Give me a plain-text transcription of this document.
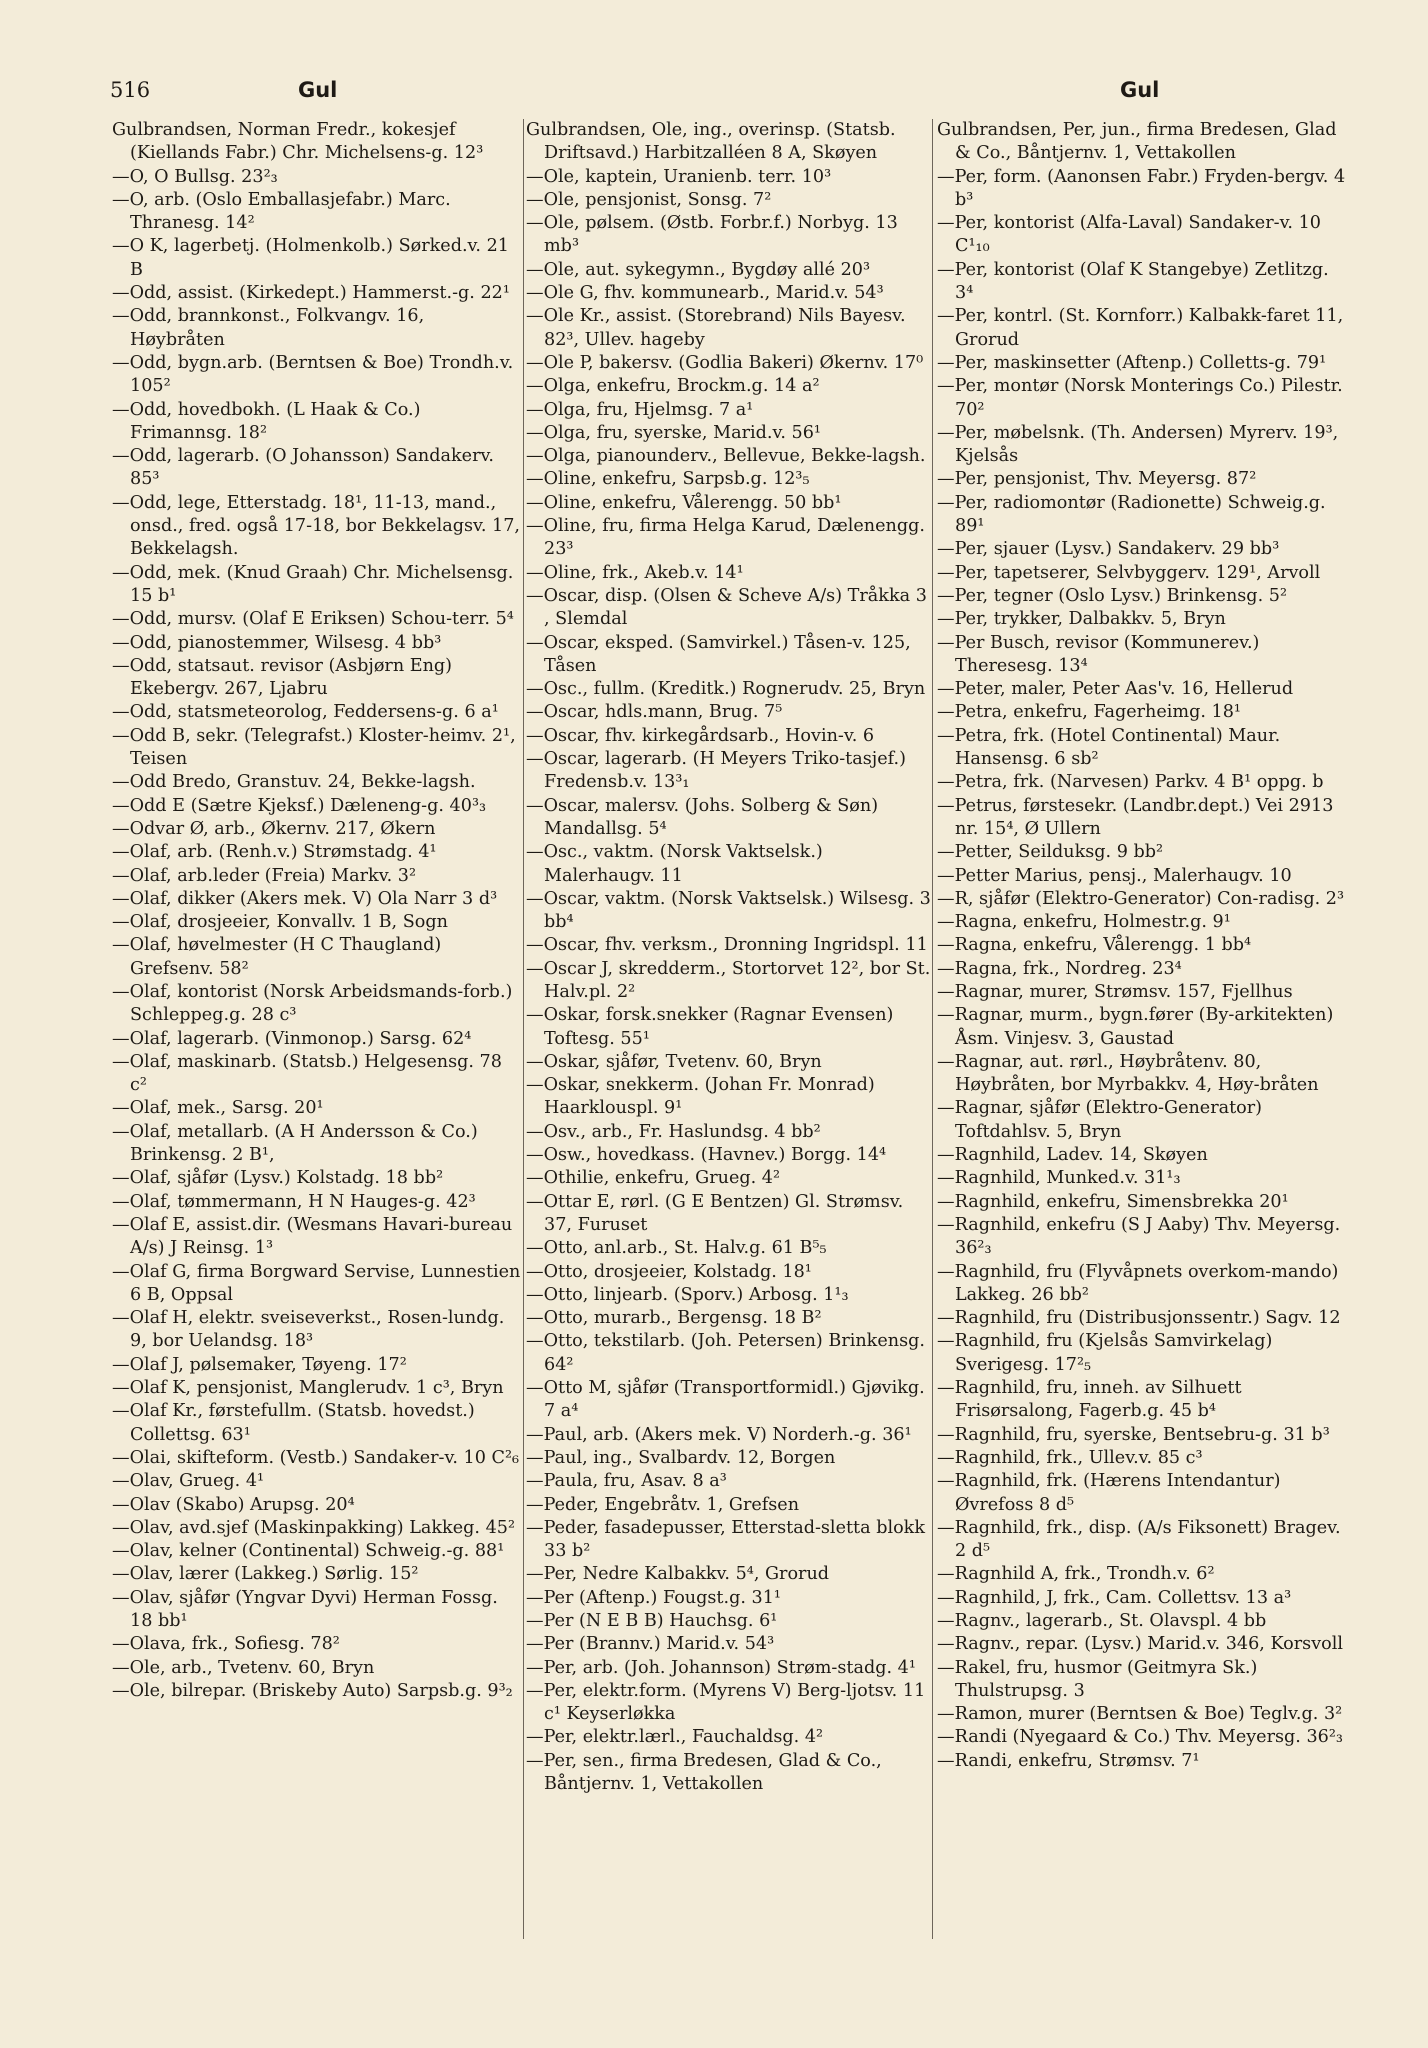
516	Gul	Gul

Gulbrandsen, Norman Fredr., kokesjef (Kiellands Fabr.) Chr. Michelsens-g. 12³

—O, O Bullsg. 23²₃

—O, arb. (Oslo Emballasjefabr.) Marc. Thranesg. 14²

—O K, lagerbetj. (Holmenkolb.) Sørked.v. 21 B

—Odd, assist. (Kirkedept.) Hammerst.-g. 22¹

—Odd, brannkonst., Folkvangv. 16, Høybråten

—Odd, bygn.arb. (Berntsen & Boe) Trondh.v. 105²

—Odd, hovedbokh. (L Haak & Co.) Frimannsg. 18²

—Odd, lagerarb. (O Johansson) Sandakerv. 85³

—Odd, lege, Etterstadg. 18¹, 11-13, mand., onsd., fred. også 17-18, bor Bekkelagsv. 17, Bekkelagsh.

—Odd, mek. (Knud Graah) Chr. Michelsensg. 15 b¹

—Odd, mursv. (Olaf E Eriksen) Schou-terr. 5⁴

—Odd, pianostemmer, Wilsesg. 4 bb³

—Odd, statsaut. revisor (Asbjørn Eng) Ekebergv. 267, Ljabru

—Odd, statsmeteorolog, Feddersens-g. 6 a¹

—Odd B, sekr. (Telegrafst.) Kloster-heimv. 2¹, Teisen

—Odd Bredo, Granstuv. 24, Bekke-lagsh.

—Odd E (Sætre Kjeksf.) Dæleneng-g. 40³₃

—Odvar Ø, arb., Økernv. 217, Økern

—Olaf, arb. (Renh.v.) Strømstadg. 4¹

—Olaf, arb.leder (Freia) Markv. 3²

—Olaf, dikker (Akers mek. V) Ola Narr 3 d³

—Olaf, drosjeeier, Konvallv. 1 B, Sogn

—Olaf, høvelmester (H C Thaugland) Grefsenv. 58²

—Olaf, kontorist (Norsk Arbeidsmands-forb.) Schleppeg.g. 28 c³

—Olaf, lagerarb. (Vinmonop.) Sarsg. 62⁴

—Olaf, maskinarb. (Statsb.) Helgesensg. 78 c²

—Olaf, mek., Sarsg. 20¹

—Olaf, metallarb. (A H Andersson & Co.) Brinkensg. 2 B¹,

—Olaf, sjåfør (Lysv.) Kolstadg. 18 bb²

—Olaf, tømmermann, H N Hauges-g. 42³

—Olaf E, assist.dir. (Wesmans Havari-bureau A/s) J Reinsg. 1³

—Olaf G, firma Borgward Servise, Lunnestien 6 B, Oppsal

—Olaf H, elektr. sveiseverkst., Rosen-lundg. 9, bor Uelandsg. 18³

—Olaf J, pølsemaker, Tøyeng. 17²

—Olaf K, pensjonist, Manglerudv. 1 c³, Bryn

—Olaf Kr., førstefullm. (Statsb. hovedst.) Collettsg. 63¹

—Olai, skifteform. (Vestb.) Sandaker-v. 10 C²₆

—Olav, Grueg. 4¹

—Olav (Skabo) Arupsg. 20⁴

—Olav, avd.sjef (Maskinpakking) Lakkeg. 45²

—Olav, kelner (Continental) Schweig.-g. 88¹

—Olav, lærer (Lakkeg.) Sørlig. 15²

—Olav, sjåfør (Yngvar Dyvi) Herman Fossg. 18 bb¹

—Olava, frk., Sofiesg. 78²

—Ole, arb., Tvetenv. 60, Bryn

—Ole, bilrepar. (Briskeby Auto) Sarpsb.g. 9³₂

Gulbrandsen, Ole, ing., overinsp. (Statsb. Driftsavd.) Harbitzalléen 8 A, Skøyen

—Ole, kaptein, Uranienb. terr. 10³

—Ole, pensjonist, Sonsg. 7²

—Ole, pølsem. (Østb. Forbr.f.) Norbyg. 13 mb³

—Ole, aut. sykegymn., Bygdøy allé 20³

—Ole G, fhv. kommunearb., Marid.v. 54³

—Ole Kr., assist. (Storebrand) Nils Bayesv. 82³, Ullev. hageby

—Ole P, bakersv. (Godlia Bakeri) Økernv. 17⁰

—Olga, enkefru, Brockm.g. 14 a²

—Olga, fru, Hjelmsg. 7 a¹

—Olga, fru, syerske, Marid.v. 56¹

—Olga, pianounderv., Bellevue, Bekke-lagsh.

—Oline, enkefru, Sarpsb.g. 12³₅

—Oline, enkefru, Vålerengg. 50 bb¹

—Oline, fru, firma Helga Karud, Dælenengg. 23³

—Oline, frk., Akeb.v. 14¹

—Oscar, disp. (Olsen & Scheve A/s) Tråkka 3 , Slemdal

—Oscar, eksped. (Samvirkel.) Tåsen-v. 125, Tåsen

—Osc., fullm. (Kreditk.) Rognerudv. 25, Bryn

—Oscar, hdls.mann, Brug. 7⁵

—Oscar, fhv. kirkegårdsarb., Hovin-v. 6

—Oscar, lagerarb. (H Meyers Triko-tasjef.) Fredensb.v. 13³₁

—Oscar, malersv. (Johs. Solberg & Søn) Mandallsg. 5⁴

—Osc., vaktm. (Norsk Vaktselsk.) Malerhaugv. 11

—Oscar, vaktm. (Norsk Vaktselsk.) Wilsesg. 3 bb⁴

—Oscar, fhv. verksm., Dronning Ingridspl. 11

—Oscar J, skredderm., Stortorvet 12², bor St. Halv.pl. 2²

—Oskar, forsk.snekker (Ragnar Evensen) Toftesg. 55¹

—Oskar, sjåfør, Tvetenv. 60, Bryn

—Oskar, snekkerm. (Johan Fr. Monrad) Haarklouspl. 9¹

—Osv., arb., Fr. Haslundsg. 4 bb²

—Osw., hovedkass. (Havnev.) Borgg. 14⁴

—Othilie, enkefru, Grueg. 4²

—Ottar E, rørl. (G E Bentzen) Gl. Strømsv. 37, Furuset

—Otto, anl.arb., St. Halv.g. 61 B⁵₅

—Otto, drosjeeier, Kolstadg. 18¹

—Otto, linjearb. (Sporv.) Arbosg. 1¹₃

—Otto, murarb., Bergensg. 18 B²

—Otto, tekstilarb. (Joh. Petersen) Brinkensg. 64²

—Otto M, sjåfør (Transportformidl.) Gjøvikg. 7 a⁴

—Paul, arb. (Akers mek. V) Norderh.-g. 36¹

—Paul, ing., Svalbardv. 12, Borgen

—Paula, fru, Asav. 8 a³

—Peder, Engebråtv. 1, Grefsen

—Peder, fasadepusser, Etterstad-sletta blokk 33 b²

—Per, Nedre Kalbakkv. 5⁴, Grorud

—Per (Aftenp.) Fougst.g. 31¹

—Per (N E B B) Hauchsg. 6¹

—Per (Brannv.) Marid.v. 54³

—Per, arb. (Joh. Johannson) Strøm-stadg. 4¹

—Per, elektr.form. (Myrens V) Berg-ljotsv. 11 c¹ Keyserløkka

—Per, elektr.lærl., Fauchaldsg. 4²

—Per, sen., firma Bredesen, Glad & Co., Båntjernv. 1, Vettakollen

Gulbrandsen, Per, jun., firma Bredesen, Glad & Co., Båntjernv. 1, Vettakollen

—Per, form. (Aanonsen Fabr.) Fryden-bergv. 4 b³

—Per, kontorist (Alfa-Laval) Sandaker-v. 10 C¹₁₀

—Per, kontorist (Olaf K Stangebye) Zetlitzg. 3⁴

—Per, kontrl. (St. Kornforr.) Kalbakk-faret 11, Grorud

—Per, maskinsetter (Aftenp.) Colletts-g. 79¹

—Per, montør (Norsk Monterings Co.) Pilestr. 70²

—Per, møbelsnk. (Th. Andersen) Myrerv. 19³, Kjelsås

—Per, pensjonist, Thv. Meyersg. 87²

—Per, radiomontør (Radionette) Schweig.g. 89¹

—Per, sjauer (Lysv.) Sandakerv. 29 bb³

—Per, tapetserer, Selvbyggerv. 129¹, Arvoll

—Per, tegner (Oslo Lysv.) Brinkensg. 5²

—Per, trykker, Dalbakkv. 5, Bryn

—Per Busch, revisor (Kommunerev.) Theresesg. 13⁴

—Peter, maler, Peter Aas'v. 16, Hellerud

—Petra, enkefru, Fagerheimg. 18¹

—Petra, frk. (Hotel Continental) Maur. Hansensg. 6 sb²

—Petra, frk. (Narvesen) Parkv. 4 B¹ oppg. b

—Petrus, førstesekr. (Landbr.dept.) Vei 2913 nr. 15⁴, Ø Ullern

—Petter, Seilduksg. 9 bb²

—Petter Marius, pensj., Malerhaugv. 10

—R, sjåfør (Elektro-Generator) Con-radisg. 2³

—Ragna, enkefru, Holmestr.g. 9¹

—Ragna, enkefru, Vålerengg. 1 bb⁴

—Ragna, frk., Nordreg. 23⁴

—Ragnar, murer, Strømsv. 157, Fjellhus

—Ragnar, murm., bygn.fører (By-arkitekten) Åsm. Vinjesv. 3, Gaustad

—Ragnar, aut. rørl., Høybråtenv. 80, Høybråten, bor Myrbakkv. 4, Høy-bråten

—Ragnar, sjåfør (Elektro-Generator) Toftdahlsv. 5, Bryn

—Ragnhild, Ladev. 14, Skøyen

—Ragnhild, Munked.v. 31¹₃

—Ragnhild, enkefru, Simensbrekka 20¹

—Ragnhild, enkefru (S J Aaby) Thv. Meyersg. 36²₃

—Ragnhild, fru (Flyvåpnets overkom-mando) Lakkeg. 26 bb²

—Ragnhild, fru (Distribusjonssentr.) Sagv. 12

—Ragnhild, fru (Kjelsås Samvirkelag) Sverigesg. 17²₅

—Ragnhild, fru, inneh. av Silhuett Frisørsalong, Fagerb.g. 45 b⁴

—Ragnhild, fru, syerske, Bentsebru-g. 31 b³

—Ragnhild, frk., Ullev.v. 85 c³

—Ragnhild, frk. (Hærens Intendantur) Øvrefoss 8 d⁵

—Ragnhild, frk., disp. (A/s Fiksonett) Bragev. 2 d⁵

—Ragnhild A, frk., Trondh.v. 6²

—Ragnhild, J, frk., Cam. Collettsv. 13 a³

—Ragnv., lagerarb., St. Olavspl. 4 bb

—Ragnv., repar. (Lysv.) Marid.v. 346, Korsvoll

—Rakel, fru, husmor (Geitmyra Sk.) Thulstrupsg. 3

—Ramon, murer (Berntsen & Boe) Teglv.g. 3²

—Randi (Nyegaard & Co.) Thv. Meyersg. 36²₃

—Randi, enkefru, Strømsv. 7¹
